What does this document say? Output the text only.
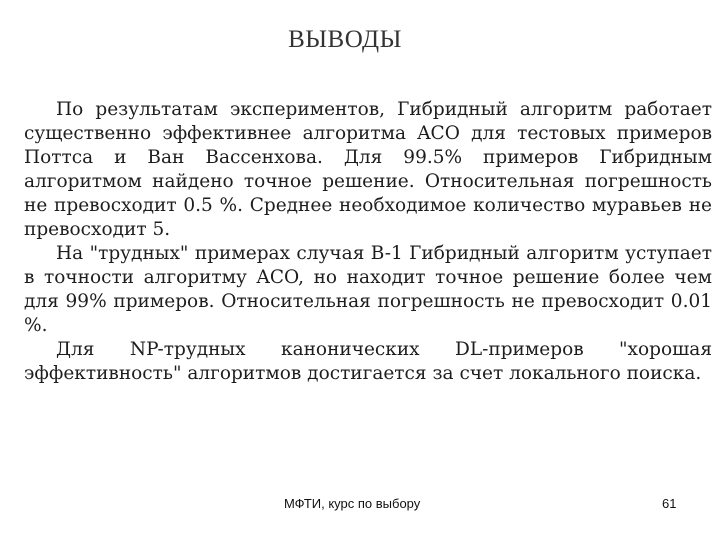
ВЫВОДЫ

По результатам экспериментов, Гибридный алгоритм работает существенно эффективнее алгоритма ACO для тестовых примеров Поттса и Ван Вассенхова. Для 99.5% примеров Гибридным алгоритмом найдено точное решение. Относительная погрешность не превосходит 0.5 %. Среднее необходимое количество муравьев не превосходит 5.

На "трудных" примерах случая B-1 Гибридный алгоритм уступает в точности алгоритму ACO, но находит точное решение более чем для 99% примеров. Относительная погрешность не превосходит 0.01 %.

Для NP-трудных канонических DL-примеров "хорошая эффективность" алгоритмов достигается за счет локального поиска.

МФТИ, курс по выбору	61
